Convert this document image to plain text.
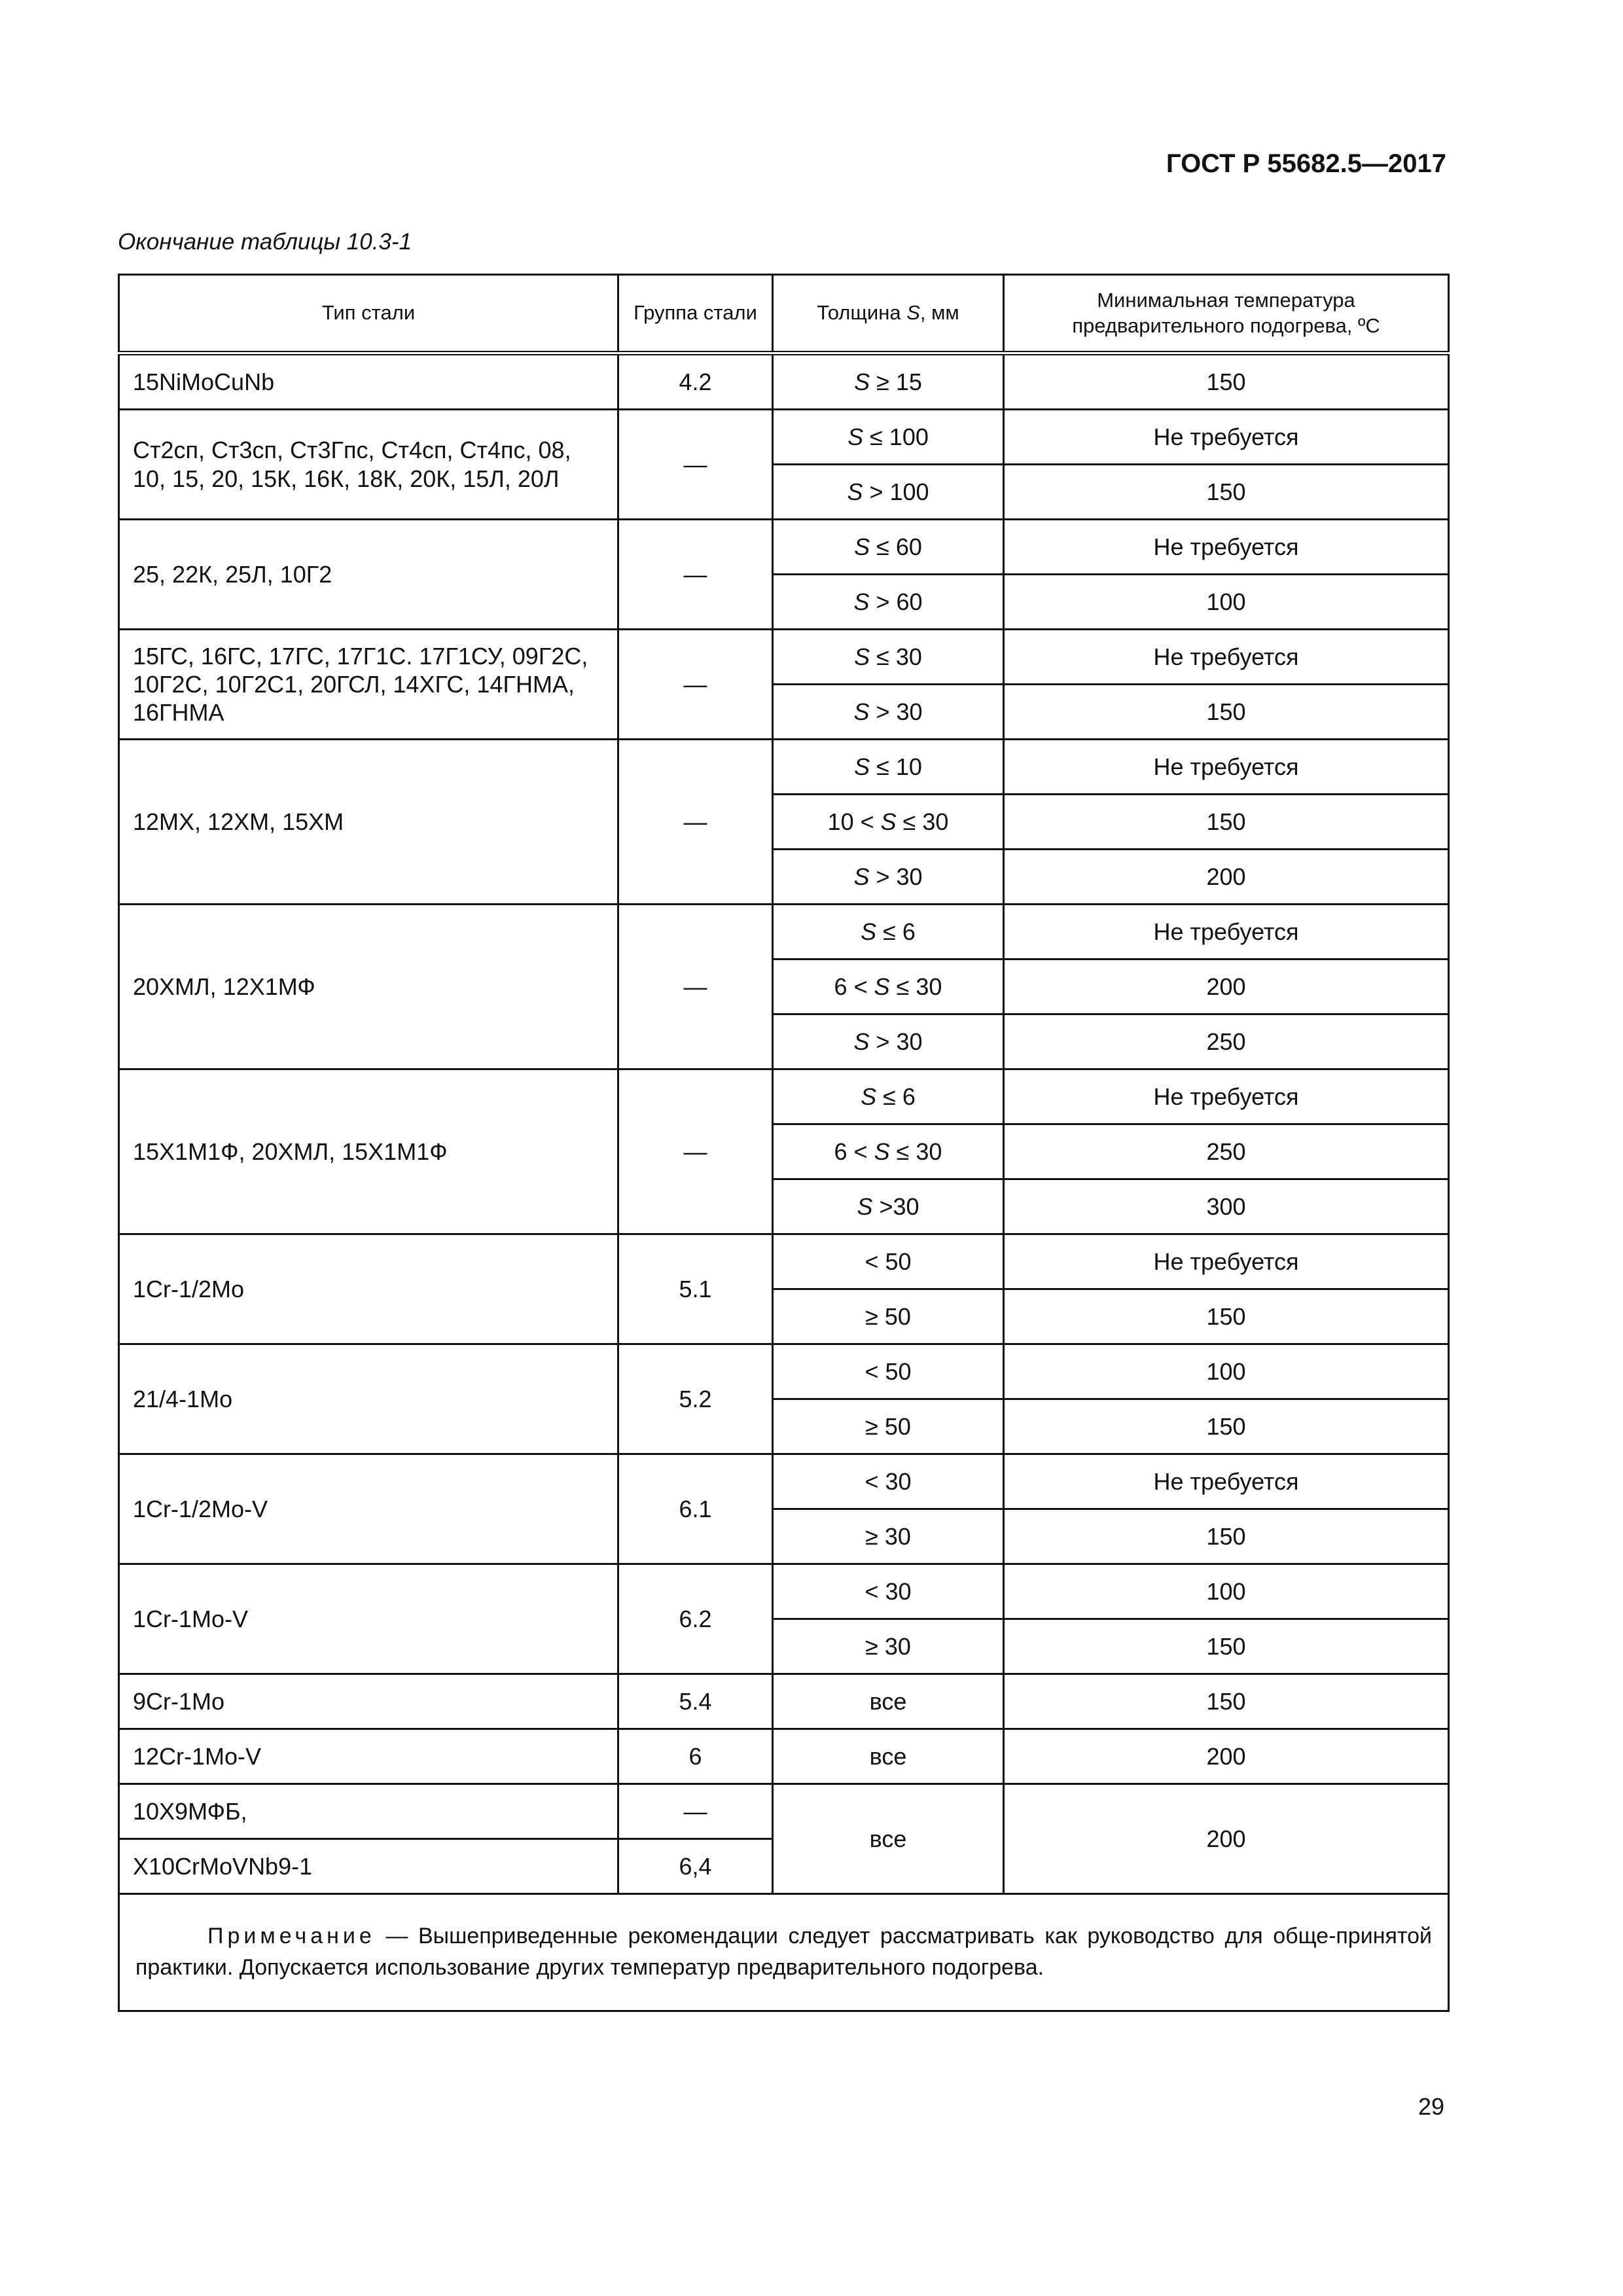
ГОСТ Р 55682.5—2017
Окончание таблицы 10.3-1
Тип стали	Группа стали	Толщина S, мм	Минимальная температура предварительного подогрева, ºС
15NiMoCuNb	4.2	S ≥ 15	150
Ст2сп, Ст3сп, Ст3Гпс, Ст4сп, Ст4пс, 08, 10, 15, 20, 15К, 16К, 18К, 20К, 15Л, 20Л	—	S ≤ 100	Не требуется
		S > 100	150
25, 22К, 25Л, 10Г2	—	S ≤ 60	Не требуется
		S > 60	100
15ГС, 16ГС, 17ГС, 17Г1С. 17Г1СУ, 09Г2С, 10Г2С, 10Г2С1, 20ГСЛ, 14ХГС, 14ГНМА, 16ГНМА	—	S ≤ 30	Не требуется
		S > 30	150
12МХ, 12ХМ, 15ХМ	—	S ≤ 10	Не требуется
		10 < S ≤ 30	150
		S > 30	200
20ХМЛ, 12Х1МФ	—	S ≤ 6	Не требуется
		6 < S ≤ 30	200
		S > 30	250
15Х1М1Ф, 20ХМЛ, 15Х1М1Ф	—	S ≤ 6	Не требуется
		6 < S ≤ 30	250
		S >30	300
1Cr-1/2Mo	5.1	< 50	Не требуется
		≥ 50	150
21/4-1Mo	5.2	< 50	100
		≥ 50	150
1Cr-1/2Mo-V	6.1	< 30	Не требуется
		≥ 30	150
1Cr-1Mo-V	6.2	< 30	100
		≥ 30	150
9Cr-1Mo	5.4	все	150
12Cr-1Mo-V	6	все	200
10Х9МФБ,	—	все	200
X10CrMoVNb9-1	6,4		
Примечание — Вышеприведенные рекомендации следует рассматривать как руководство для обще-принятой практики. Допускается использование других температур предварительного подогрева.			
29
